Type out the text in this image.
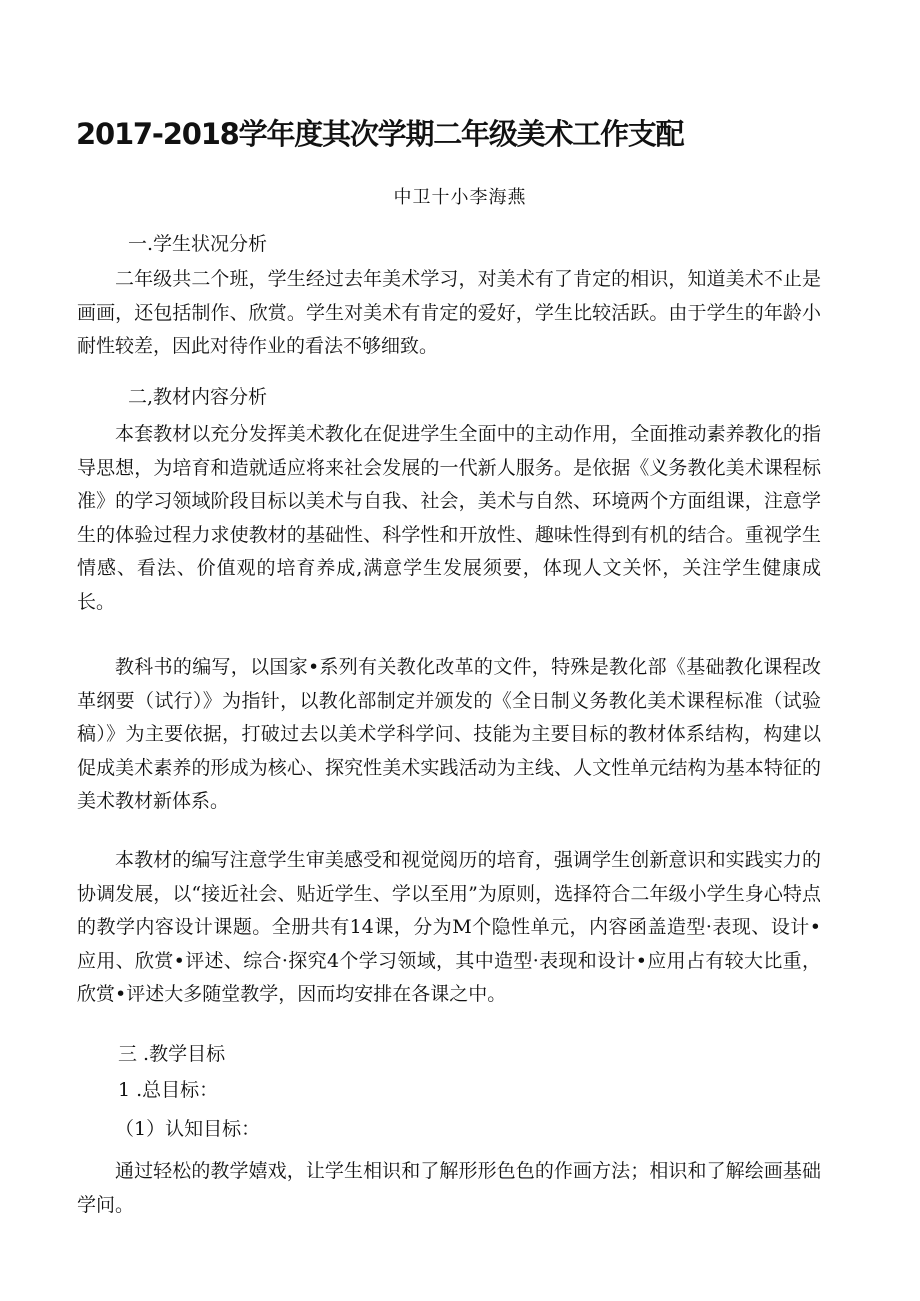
2017-2018学年度其次学期二年级美术工作支配
中卫十小李海燕

一.学生状况分析

二年级共二个班，学生经过去年美术学习，对美术有了肯定的相识，知道美术不止是画画，还包括制作、欣赏。学生对美术有肯定的爱好，学生比较活跃。由于学生的年龄小耐性较差，因此对待作业的看法不够细致。

二,教材内容分析

本套教材以充分发挥美术教化在促进学生全面中的主动作用，全面推动素养教化的指导思想，为培育和造就适应将来社会发展的一代新人服务。是依据《义务教化美术课程标准》的学习领域阶段目标以美术与自我、社会，美术与自然、环境两个方面组课，注意学生的体验过程力求使教材的基础性、科学性和开放性、趣味性得到有机的结合。重视学生情感、看法、价值观的培育养成,满意学生发展须要，体现人文关怀，关注学生健康成长。

教科书的编写，以国家•系列有关教化改革的文件，特殊是教化部《基础教化课程改革纲要（试行）》为指针，以教化部制定并颁发的《全日制义务教化美术课程标准（试验稿）》为主要依据，打破过去以美术学科学问、技能为主要目标的教材体系结构，构建以促成美术素养的形成为核心、探究性美术实践活动为主线、人文性单元结构为基本特征的美术教材新体系。

本教材的编写注意学生审美感受和视觉阅历的培育，强调学生创新意识和实践实力的协调发展，以“接近社会、贴近学生、学以至用”为原则，选择符合二年级小学生身心特点的教学内容设计课题。全册共有14课，分为M个隐性单元，内容函盖造型·表现、设计•应用、欣赏•评述、综合·探究4个学习领域，其中造型·表现和设计•应用占有较大比重，欣赏•评述大多随堂教学，因而均安排在各课之中。

三 .教学目标

1 .总目标：

（1）认知目标：

通过轻松的教学嬉戏，让学生相识和了解形形色色的作画方法；相识和了解绘画基础学问。
